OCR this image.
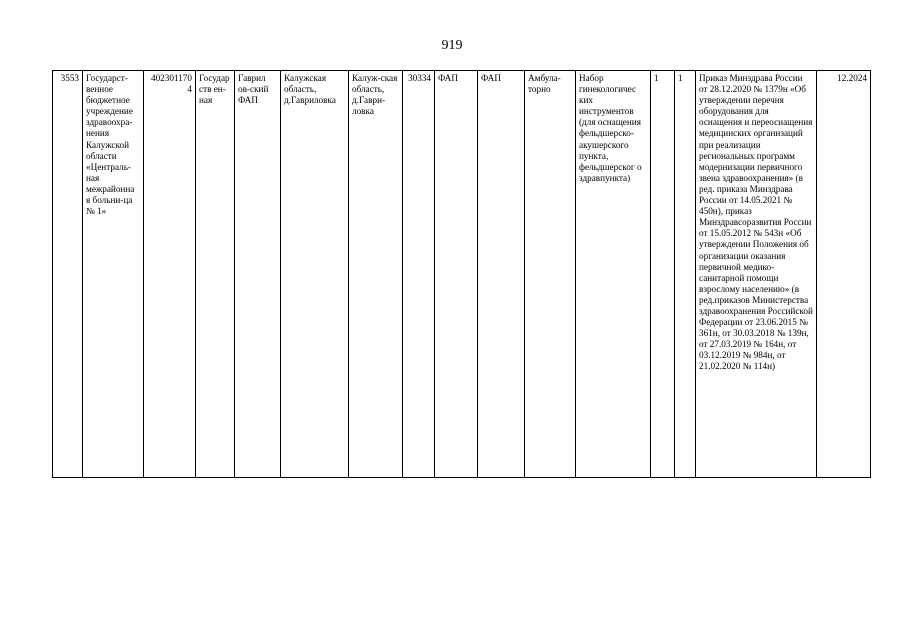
919
3553	Государст-венное бюджетное учреждение здравоохра-нения Калужской области «Централь-ная межрайонна я больни-ца № 1»	4023011704	Государств ен-ная	Гаврил ов-ский ФАП	Калужская область, д.Гавриловка	Калуж-ская область, д.Гаври-ловка	30334	ФАП	ФАП	Амбула-торно	Набор гинекологичес ких инструментов (для оснащения фельдшерско-акушерского пункта, фельдшерског о здравпункта)	1	1	Приказ Минздрава России от 28.12.2020 № 1379н «Об утверждении перечня оборудования для оснащения и переоснащения медицинских организаций при реализации региональных программ модернизации первичного звена здравоохранения» (в ред. приказа Минздрава России от 14.05.2021 № 450н), приказ Минздравсоразвития России от 15.05.2012 № 543н «Об утверждении Положения об организации оказания первичной медико-санитарной помощи взрослому населению» (в ред.приказов Министерства здравоохранения Российской Федерации от 23.06.2015 № 361н, от 30.03.2018 № 139н, от 27.03.2019 № 164н, от 03.12.2019 № 984н, от 21.02.2020 № 114н)	12.2024
